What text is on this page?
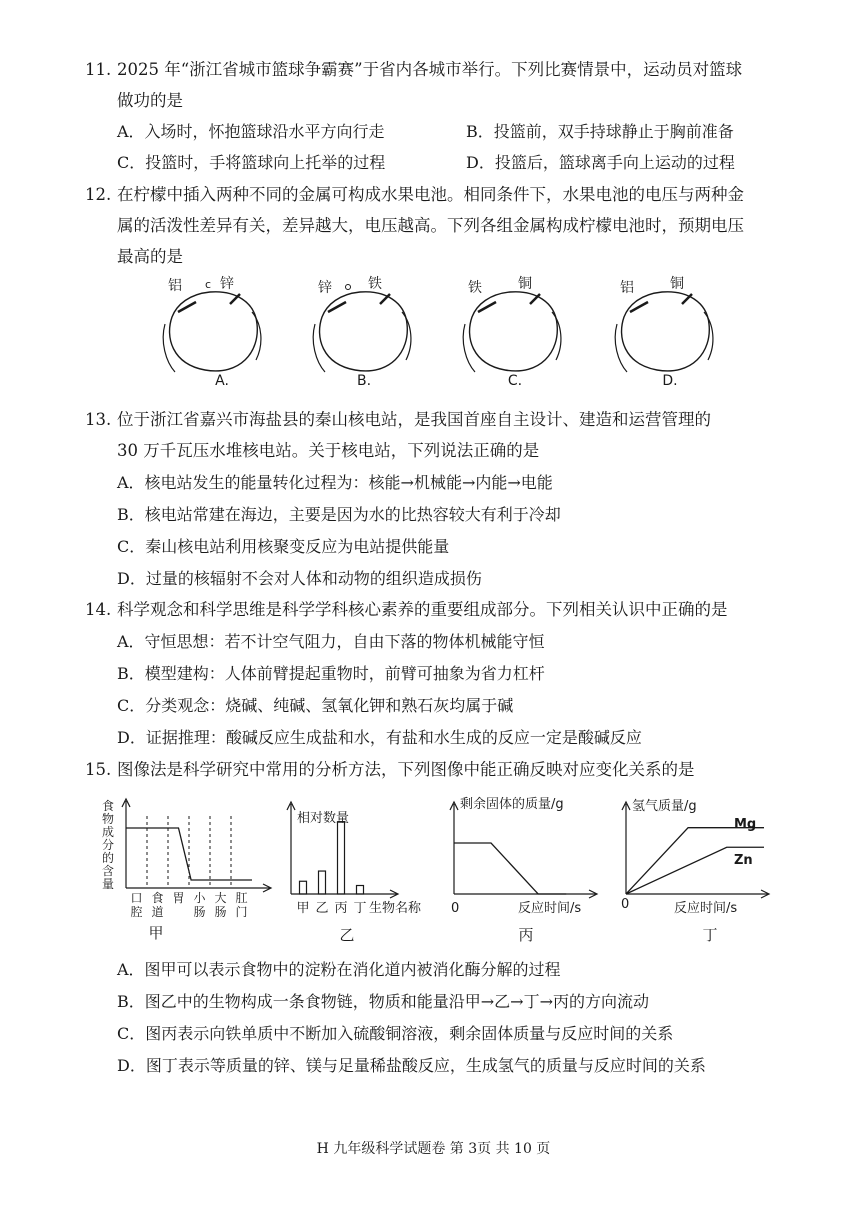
11. 2025 年“浙江省城市篮球争霸赛”于省内各城市举行。下列比赛情景中，运动员对篮球
做功的是
A．入场时，怀抱篮球沿水平方向行走	B．投篮前，双手持球静止于胸前准备
C．投篮时，手将篮球向上托举的过程	D．投篮后，篮球离手向上运动的过程
12. 在柠檬中插入两种不同的金属可构成水果电池。相同条件下，水果电池的电压与两种金
属的活泼性差异有关，差异越大，电压越高。下列各组金属构成柠檬电池时，预期电压
最高的是
铝 c 锌
A.
锌	铁
B.
铁	铜
C.
铝	铜
D.
13. 位于浙江省嘉兴市海盐县的秦山核电站，是我国首座自主设计、建造和运营管理的
30 万千瓦压水堆核电站。关于核电站，下列说法正确的是
A．核电站发生的能量转化过程为：核能→机械能→内能→电能
B．核电站常建在海边，主要是因为水的比热容较大有利于冷却
C．秦山核电站利用核聚变反应为电站提供能量
D．过量的核辐射不会对人体和动物的组织造成损伤
14. 科学观念和科学思维是科学学科核心素养的重要组成部分。下列相关认识中正确的是
A．守恒思想：若不计空气阻力，自由下落的物体机械能守恒
B．模型建构：人体前臂提起重物时，前臂可抽象为省力杠杆
C．分类观念：烧碱、纯碱、氢氧化钾和熟石灰均属于碱
D．证据推理：酸碱反应生成盐和水，有盐和水生成的反应一定是酸碱反应
15. 图像法是科学研究中常用的分析方法，下列图像中能正确反映对应变化关系的是
食
物
成
分
的
含
量
口
腔
食
道
胃 小
肠
大
肠
肛
门
甲
相对数量
甲 乙 丙 丁 生物名称
乙
剩余固体的质量/g
0	反应时间/s
丙
氢气质量/g
Mg
Zn
0	反应时间/s
丁
A．图甲可以表示食物中的淀粉在消化道内被消化酶分解的过程
B．图乙中的生物构成一条食物链，物质和能量沿甲→乙→丁→丙的方向流动
C．图丙表示向铁单质中不断加入硫酸铜溶液，剩余固体质量与反应时间的关系
D．图丁表示等质量的锌、镁与足量稀盐酸反应，生成氢气的质量与反应时间的关系
H 九年级科学试题卷 第 3页 共 10 页
